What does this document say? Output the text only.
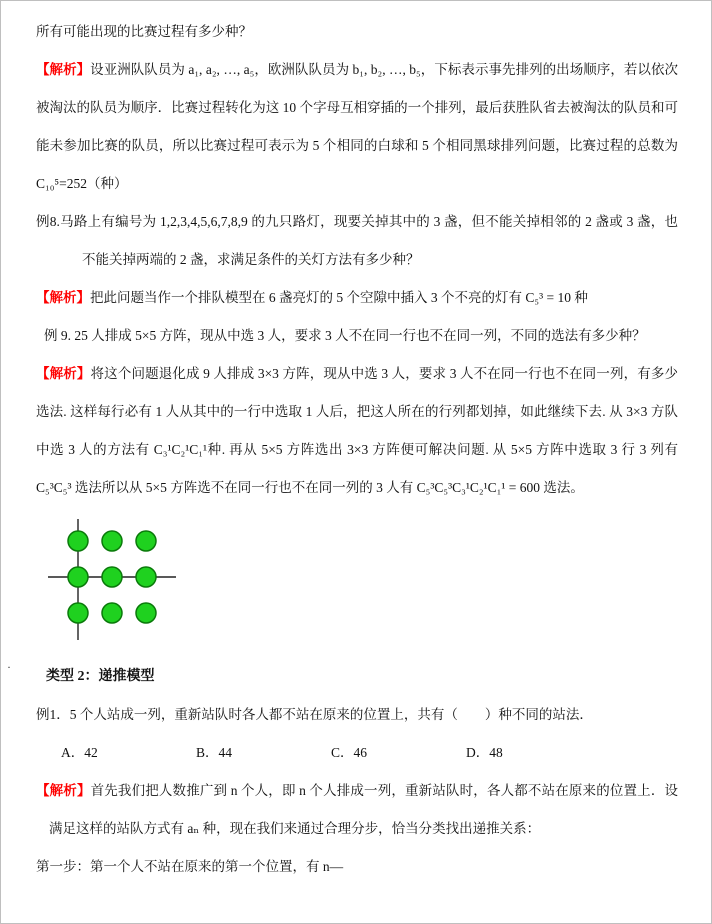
·

所有可能出现的比赛过程有多少种？

【解析】设亚洲队队员为 a₁, a₂, …, a₅，欧洲队队员为 b₁, b₂, …, b₅，下标表示事先排列的出场顺序，若以依次被淘汰的队员为顺序．比赛过程转化为这 10 个字母互相穿插的一个排列，最后获胜队省去被淘汰的队员和可能未参加比赛的队员，所以比赛过程可表示为 5 个相同的白球和 5 个相同黑球排列问题，比赛过程的总数为 C₁₀⁵=252（种）

例8.马路上有编号为 1,2,3,4,5,6,7,8,9 的九只路灯，现要关掉其中的 3 盏，但不能关掉相邻的 2 盏或 3 盏，也不能关掉两端的 2 盏，求满足条件的关灯方法有多少种？

【解析】把此问题当作一个排队模型在 6 盏亮灯的 5 个空隙中插入 3 个不亮的灯有 C₅³ = 10 种

例 9. 25 人排成 5×5 方阵，现从中选 3 人，要求 3 人不在同一行也不在同一列，不同的选法有多少种？

【解析】将这个问题退化成 9 人排成 3×3 方阵，现从中选 3 人，要求 3 人不在同一行也不在同一列，有多少选法. 这样每行必有 1 人从其中的一行中选取 1 人后，把这人所在的行列都划掉，如此继续下去. 从 3×3 方队中选 3 人的方法有 C₃¹C₂¹C₁¹种. 再从 5×5 方阵选出 3×3 方阵便可解决问题. 从 5×5 方阵中选取 3 行 3 列有 C₅³C₅³ 选法所以从 5×5 方阵选不在同一行也不在同一列的 3 人有 C₅³C₅³C₃¹C₂¹C₁¹ = 600 选法。

类型 2：递推模型

例1．5 个人站成一列，重新站队时各人都不站在原来的位置上，共有（　　）种不同的站法．

A．42	B．44	C．46	D．48

【解析】首先我们把人数推广到 n 个人，即 n 个人排成一列，重新站队时，各人都不站在原来的位置上．设满足这样的站队方式有 aₙ 种，现在我们来通过合理分步，恰当分类找出递推关系：

第一步：第一个人不站在原来的第一个位置，有 n—
